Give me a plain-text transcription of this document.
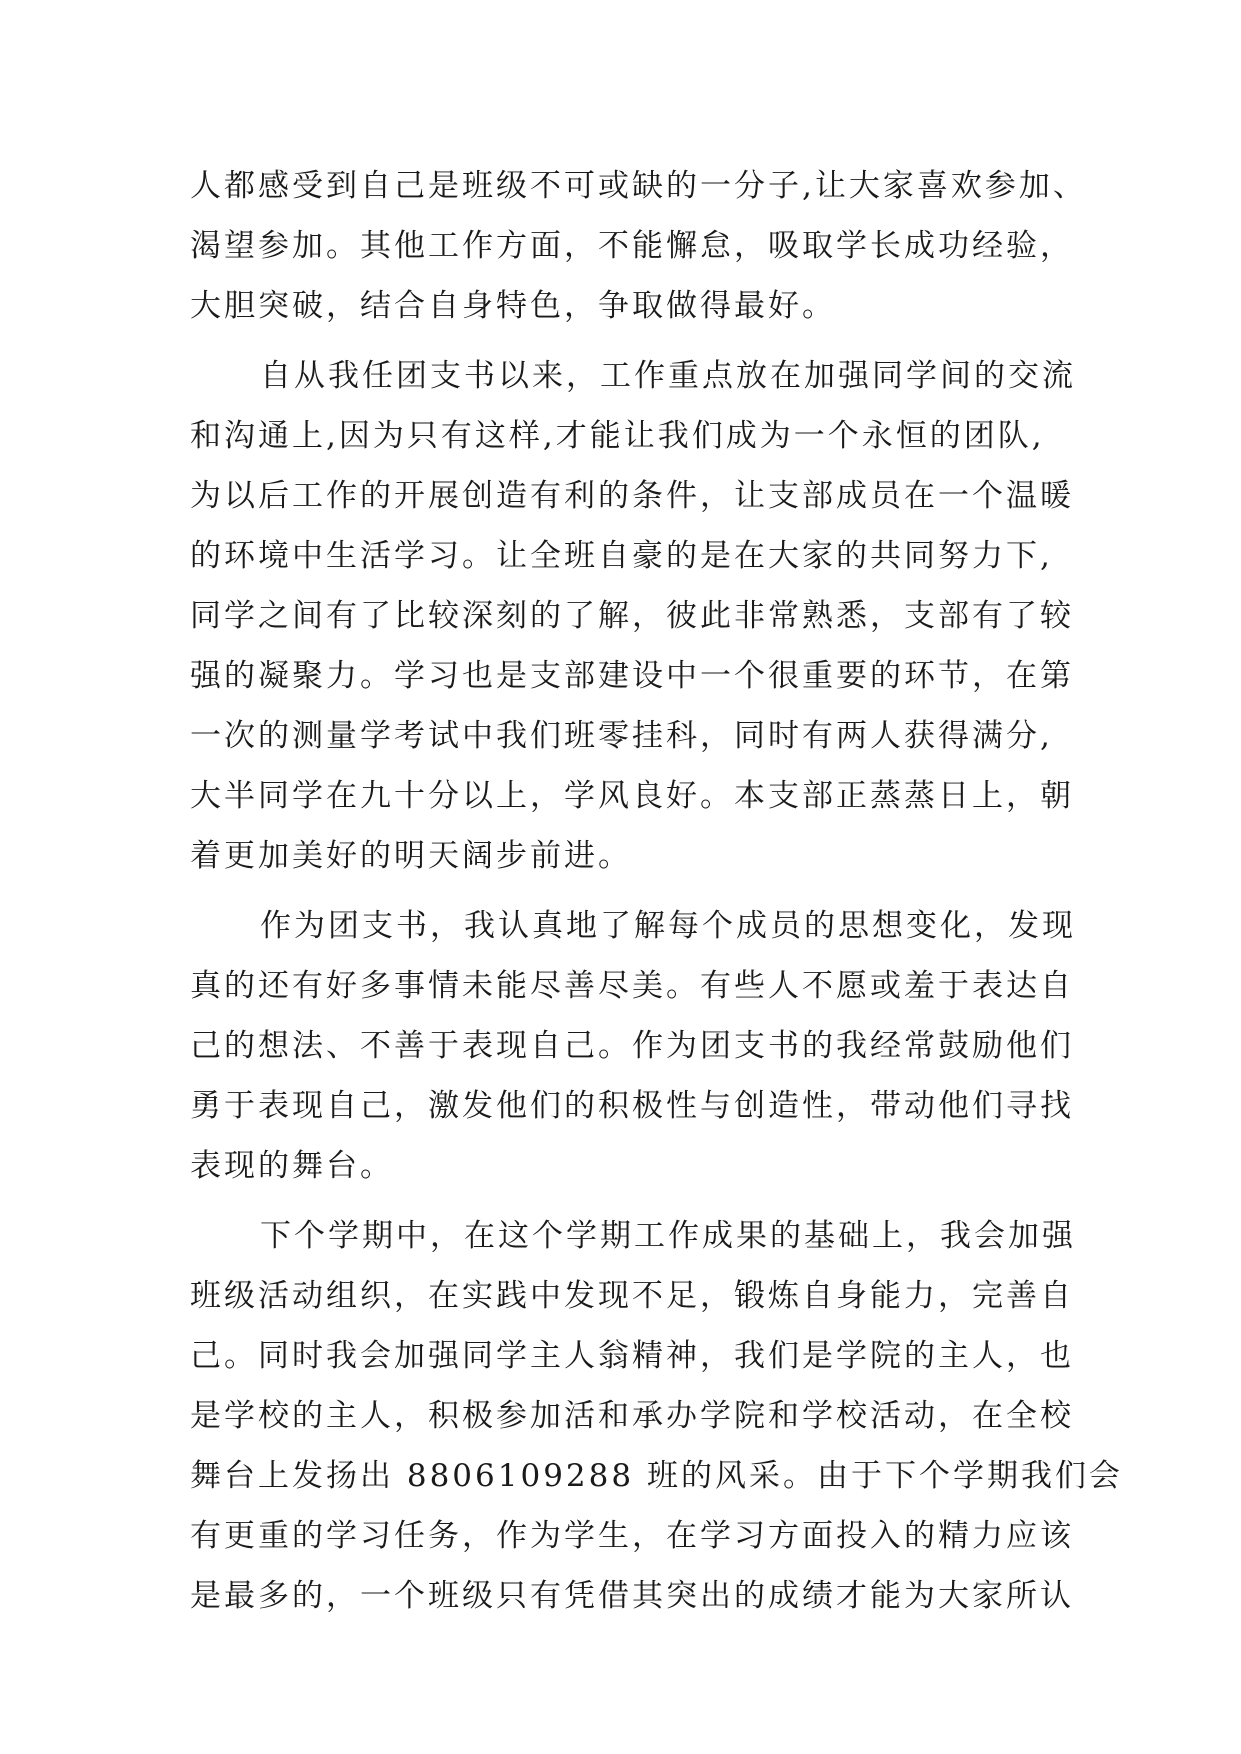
人都感受到自己是班级不可或缺的一分子,让大家喜欢参加、
渴望参加。其他工作方面，不能懈怠，吸取学长成功经验，
大胆突破，结合自身特色，争取做得最好。
自从我任团支书以来，工作重点放在加强同学间的交流
和沟通上,因为只有这样,才能让我们成为一个永恒的团队,
为以后工作的开展创造有利的条件，让支部成员在一个温暖
的环境中生活学习。让全班自豪的是在大家的共同努力下,
同学之间有了比较深刻的了解，彼此非常熟悉，支部有了较
强的凝聚力。学习也是支部建设中一个很重要的环节，在第
一次的测量学考试中我们班零挂科，同时有两人获得满分,
大半同学在九十分以上，学风良好。本支部正蒸蒸日上，朝
着更加美好的明天阔步前进。
作为团支书，我认真地了解每个成员的思想变化，发现
真的还有好多事情未能尽善尽美。有些人不愿或羞于表达自
己的想法、不善于表现自己。作为团支书的我经常鼓励他们
勇于表现自己，激发他们的积极性与创造性，带动他们寻找
表现的舞台。
下个学期中，在这个学期工作成果的基础上，我会加强
班级活动组织，在实践中发现不足，锻炼自身能力，完善自
己。同时我会加强同学主人翁精神，我们是学院的主人，也
是学校的主人，积极参加活和承办学院和学校活动，在全校
舞台上发扬出 8806109288 班的风采。由于下个学期我们会
有更重的学习任务，作为学生，在学习方面投入的精力应该
是最多的，一个班级只有凭借其突出的成绩才能为大家所认
